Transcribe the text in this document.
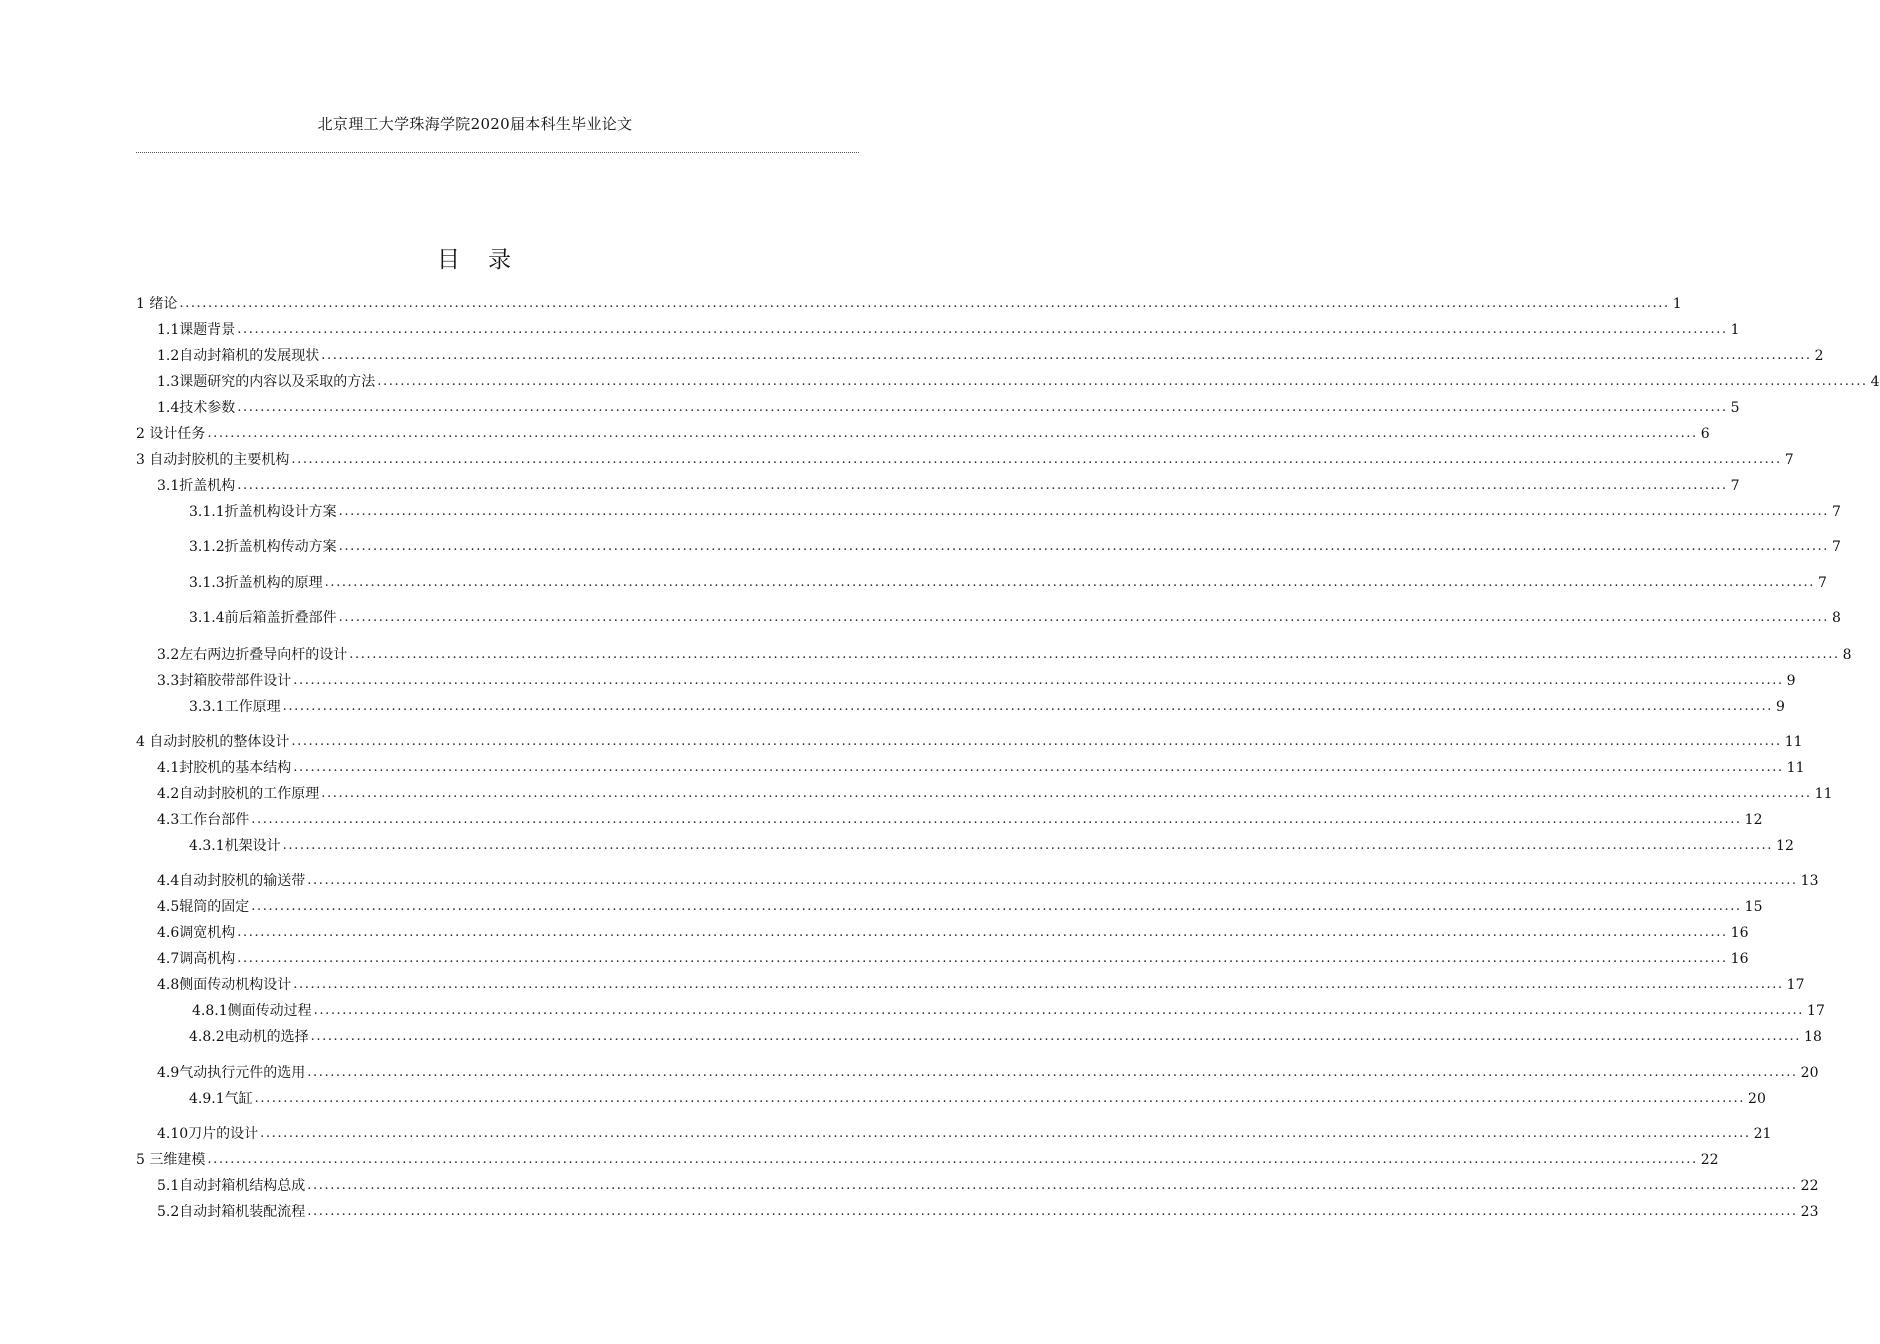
北京理工大学珠海学院2020届本科生毕业论文
目 录
1 绪论 .................................................................................................................................................................................................................................................................... 1
1.1课题背景 .................................................................................................................................................................................................................................................................... 1
1.2自动封箱机的发展现状 .................................................................................................................................................................................................................................................................... 2
1.3课题研究的内容以及采取的方法 .................................................................................................................................................................................................................................................................... 4
1.4技术参数 .................................................................................................................................................................................................................................................................... 5
2 设计任务 .................................................................................................................................................................................................................................................................... 6
3 自动封胶机的主要机构 .................................................................................................................................................................................................................................................................... 7
3.1折盖机构 .................................................................................................................................................................................................................................................................... 7
3.1.1折盖机构设计方案 .................................................................................................................................................................................................................................................................... 7
3.1.2折盖机构传动方案 .................................................................................................................................................................................................................................................................... 7
3.1.3折盖机构的原理 .................................................................................................................................................................................................................................................................... 7
3.1.4前后箱盖折叠部件 .................................................................................................................................................................................................................................................................... 8
3.2左右两边折叠导向杆的设计 .................................................................................................................................................................................................................................................................... 8
3.3封箱胶带部件设计 .................................................................................................................................................................................................................................................................... 9
3.3.1工作原理 .................................................................................................................................................................................................................................................................... 9
4 自动封胶机的整体设计 .................................................................................................................................................................................................................................................................... 11
4.1封胶机的基本结构 .................................................................................................................................................................................................................................................................... 11
4.2自动封胶机的工作原理 .................................................................................................................................................................................................................................................................... 11
4.3工作台部件 .................................................................................................................................................................................................................................................................... 12
4.3.1机架设计 .................................................................................................................................................................................................................................................................... 12
4.4自动封胶机的输送带 .................................................................................................................................................................................................................................................................... 13
4.5辊筒的固定 .................................................................................................................................................................................................................................................................... 15
4.6调宽机构 .................................................................................................................................................................................................................................................................... 16
4.7调高机构 .................................................................................................................................................................................................................................................................... 16
4.8侧面传动机构设计 .................................................................................................................................................................................................................................................................... 17
4.8.1侧面传动过程 .................................................................................................................................................................................................................................................................... 17
4.8.2电动机的选择 .................................................................................................................................................................................................................................................................... 18
4.9气动执行元件的选用 .................................................................................................................................................................................................................................................................... 20
4.9.1气缸 .................................................................................................................................................................................................................................................................... 20
4.10刀片的设计 .................................................................................................................................................................................................................................................................... 21
5 三维建模 .................................................................................................................................................................................................................................................................... 22
5.1自动封箱机结构总成 .................................................................................................................................................................................................................................................................... 22
5.2自动封箱机装配流程 .................................................................................................................................................................................................................................................................... 23
